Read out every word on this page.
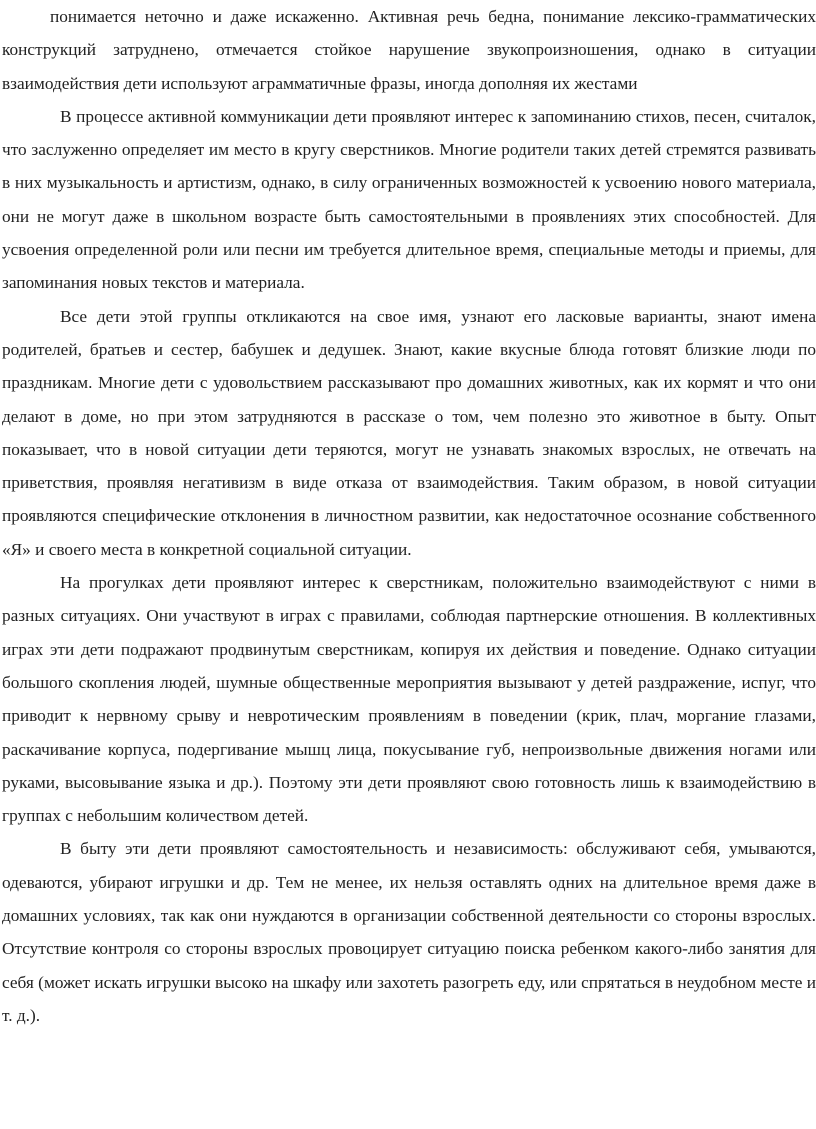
понимается неточно и даже искаженно. Активная речь бедна, понимание лексико-грамматических конструкций затруднено, отмечается стойкое нарушение звукопроизношения, однако в ситуации взаимодействия дети используют аграмматичные фразы, иногда дополняя их жестами

В процессе активной коммуникации дети проявляют интерес к запоминанию стихов, песен, считалок, что заслуженно определяет им место в кругу сверстников. Многие родители таких детей стремятся развивать в них музыкальность и артистизм, однако, в силу ограниченных возможностей к усвоению нового материала, они не могут даже в школьном возрасте быть самостоятельными в проявлениях этих способностей. Для усвоения определенной роли или песни им требуется длительное время, специальные методы и приемы, для запоминания новых текстов и материала.

Все дети этой группы откликаются на свое имя, узнают его ласковые варианты, знают имена родителей, братьев и сестер, бабушек и дедушек. Знают, какие вкусные блюда готовят близкие люди по праздникам. Многие дети с удовольствием рассказывают про домашних животных, как их кормят и что они делают в доме, но при этом затрудняются в рассказе о том, чем полезно это животное в быту. Опыт показывает, что в новой ситуации дети теряются, могут не узнавать знакомых взрослых, не отвечать на приветствия, проявляя негативизм в виде отказа от взаимодействия. Таким образом, в новой ситуации проявляются специфические отклонения в личностном развитии, как недостаточное осознание собственного «Я» и своего места в конкретной социальной ситуации.

На прогулках дети проявляют интерес к сверстникам, положительно взаимодействуют с ними в разных ситуациях. Они участвуют в играх с правилами, соблюдая партнерские отношения. В коллективных играх эти дети подражают продвинутым сверстникам, копируя их действия и поведение. Однако ситуации большого скопления людей, шумные общественные мероприятия вызывают у детей раздражение, испуг, что приводит к нервному срыву и невротическим проявлениям в поведении (крик, плач, моргание глазами, раскачивание корпуса, подергивание мышц лица, покусывание губ, непроизвольные движения ногами или руками, высовывание языка и др.). Поэтому эти дети проявляют свою готовность лишь к взаимодействию в группах с небольшим количеством детей.

В быту эти дети проявляют самостоятельность и независимость: обслуживают себя, умываются, одеваются, убирают игрушки и др. Тем не менее, их нельзя оставлять одних на длительное время даже в домашних условиях, так как они нуждаются в организации собственной деятельности со стороны взрослых. Отсутствие контроля со стороны взрослых провоцирует ситуацию поиска ребенком какого-либо занятия для себя (может искать игрушки высоко на шкафу или захотеть разогреть еду, или спрятаться в неудобном месте и т. д.).
